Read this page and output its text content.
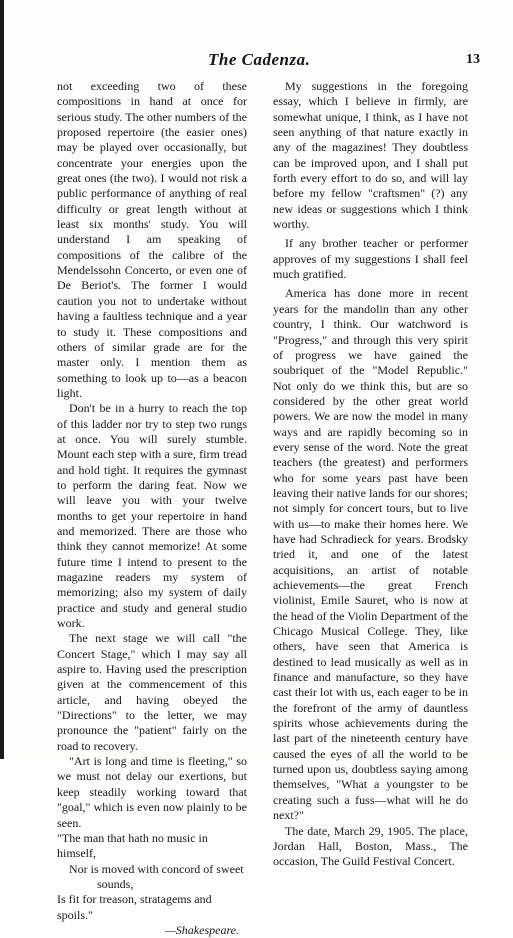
The Cadenza.	13

not exceeding two of these compositions in hand at once for serious study. The other numbers of the proposed repertoire (the easier ones) may be played over occasionally, but concentrate your energies upon the great ones (the two). I would not risk a public performance of anything of real difficulty or great length without at least six months' study. You will understand I am speaking of compositions of the calibre of the Mendelssohn Concerto, or even one of De Beriot's. The former I would caution you not to undertake without having a faultless technique and a year to study it. These compositions and others of similar grade are for the master only. I mention them as something to look up to—as a beacon light.

Don't be in a hurry to reach the top of this ladder nor try to step two rungs at once. You will surely stumble. Mount each step with a sure, firm tread and hold tight. It requires the gymnast to perform the daring feat. Now we will leave you with your twelve months to get your repertoire in hand and memorized. There are those who think they cannot memorize! At some future time I intend to present to the magazine readers my system of memorizing; also my system of daily practice and study and general studio work.

The next stage we will call "the Concert Stage," which I may say all aspire to. Having used the prescription given at the commencement of this article, and having obeyed the "Directions" to the letter, we may pronounce the "patient" fairly on the road to recovery.

"Art is long and time is fleeting," so we must not delay our exertions, but keep steadily working toward that "goal," which is even now plainly to be seen.

"The man that hath no music in himself,
Nor is moved with concord of sweet
sounds,
Is fit for treason, stratagems and spoils."
—Shakespeare.

My suggestions in the foregoing essay, which I believe in firmly, are somewhat unique, I think, as I have not seen anything of that nature exactly in any of the magazines! They doubtless can be improved upon, and I shall put forth every effort to do so, and will lay before my fellow "craftsmen" (?) any new ideas or suggestions which I think worthy.

If any brother teacher or performer approves of my suggestions I shall feel much gratified.

America has done more in recent years for the mandolin than any other country, I think. Our watchword is "Progress," and through this very spirit of progress we have gained the soubriquet of the "Model Republic." Not only do we think this, but are so considered by the other great world powers. We are now the model in many ways and are rapidly becoming so in every sense of the word. Note the great teachers (the greatest) and performers who for some years past have been leaving their native lands for our shores; not simply for concert tours, but to live with us—to make their homes here. We have had Schradieck for years. Brodsky tried it, and one of the latest acquisitions, an artist of notable achievements—the great French violinist, Emile Sauret, who is now at the head of the Violin Department of the Chicago Musical College. They, like others, have seen that America is destined to lead musically as well as in finance and manufacture, so they have cast their lot with us, each eager to be in the forefront of the army of dauntless spirits whose achievements during the last part of the nineteenth century have caused the eyes of all the world to be turned upon us, doubtless saying among themselves, "What a youngster to be creating such a fuss—what will he do next?"

The date, March 29, 1905. The place, Jordan Hall, Boston, Mass., The occasion, The Guild Festival Concert.
